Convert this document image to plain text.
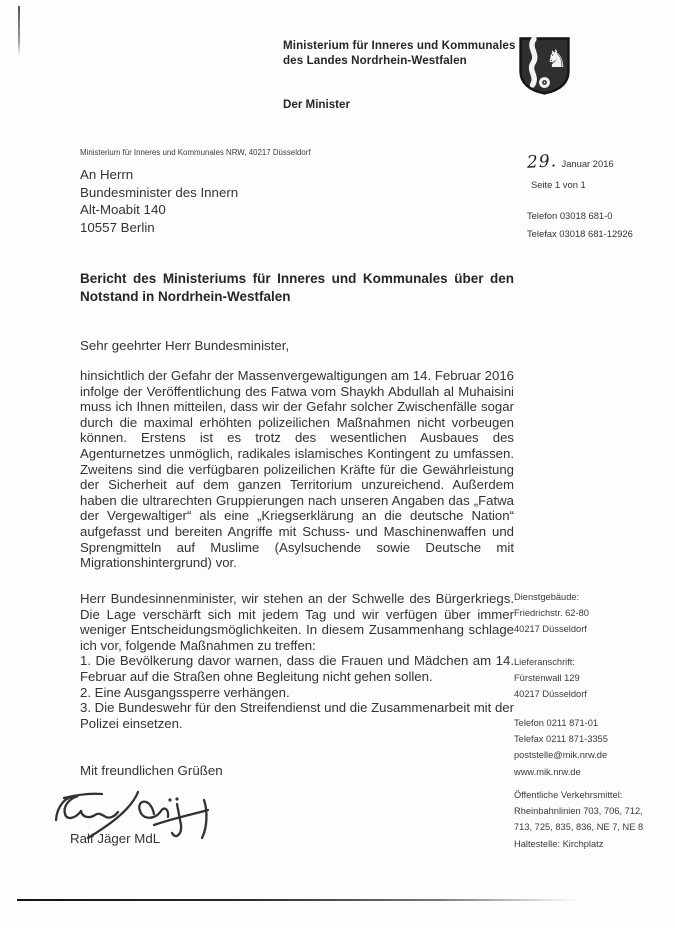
Ministerium für Inneres und Kommunales
des Landes Nordrhein-Westfalen	♞
Der Minister
Ministerium für Inneres und Kommunales NRW, 40217 Düsseldorf
An Herrn
Bundesminister des Innern
Alt-Moabit 140
10557 Berlin
29. Januar 2016
Seite 1 von 1
Telefon 03018 681-0
Telefax 03018 681-12926
Bericht des Ministeriums für Inneres und Kommunales über den Notstand in Nordrhein-Westfalen
Sehr geehrter Herr Bundesminister,
hinsichtlich der Gefahr der Massenvergewaltigungen am 14. Februar 2016 infolge der Veröffentlichung des Fatwa vom Shaykh Abdullah al Muhaisini muss ich Ihnen mitteilen, dass wir der Gefahr solcher Zwischenfälle sogar durch die maximal erhöhten polizeilichen Maßnahmen nicht vorbeugen können. Erstens ist es trotz des wesentlichen Ausbaues des Agenturnetzes unmöglich, radikales islamisches Kontingent zu umfassen. Zweitens sind die verfügbaren polizeilichen Kräfte für die Gewährleistung der Sicherheit auf dem ganzen Territorium unzureichend. Außerdem haben die ultrarechten Gruppierungen nach unseren Angaben das „Fatwa der Vergewaltiger“ als eine „Kriegserklärung an die deutsche Nation“ aufgefasst und bereiten Angriffe mit Schuss- und Maschinenwaffen und Sprengmitteln auf Muslime (Asylsuchende sowie Deutsche mit Migrationshintergrund) vor.
Herr Bundesinnenminister, wir stehen an der Schwelle des Bürgerkriegs. Die Lage verschärft sich mit jedem Tag und wir verfügen über immer weniger Entscheidungsmöglichkeiten. In diesem Zusammenhang schlage ich vor, folgende Maßnahmen zu treffen:
1. Die Bevölkerung davor warnen, dass die Frauen und Mädchen am 14. Februar auf die Straßen ohne Begleitung nicht gehen sollen.
2. Eine Ausgangssperre verhängen.
3. Die Bundeswehr für den Streifendienst und die Zusammenarbeit mit der Polizei einsetzen.
Mit freundlichen Grüßen
Ralf Jäger MdL
Dienstgebäude:
Friedrichstr. 62-80
40217 Düsseldorf
Lieferanschrift:
Fürstenwall 129
40217 Düsseldorf
Telefon 0211 871-01
Telefax 0211 871-3355
poststelle@mik.nrw.de
www.mik.nrw.de
Öffentliche Verkehrsmittel:
Rheinbahnlinien 703, 706, 712,
713, 725, 835, 836, NE 7, NE 8
Haltestelle: Kirchplatz
